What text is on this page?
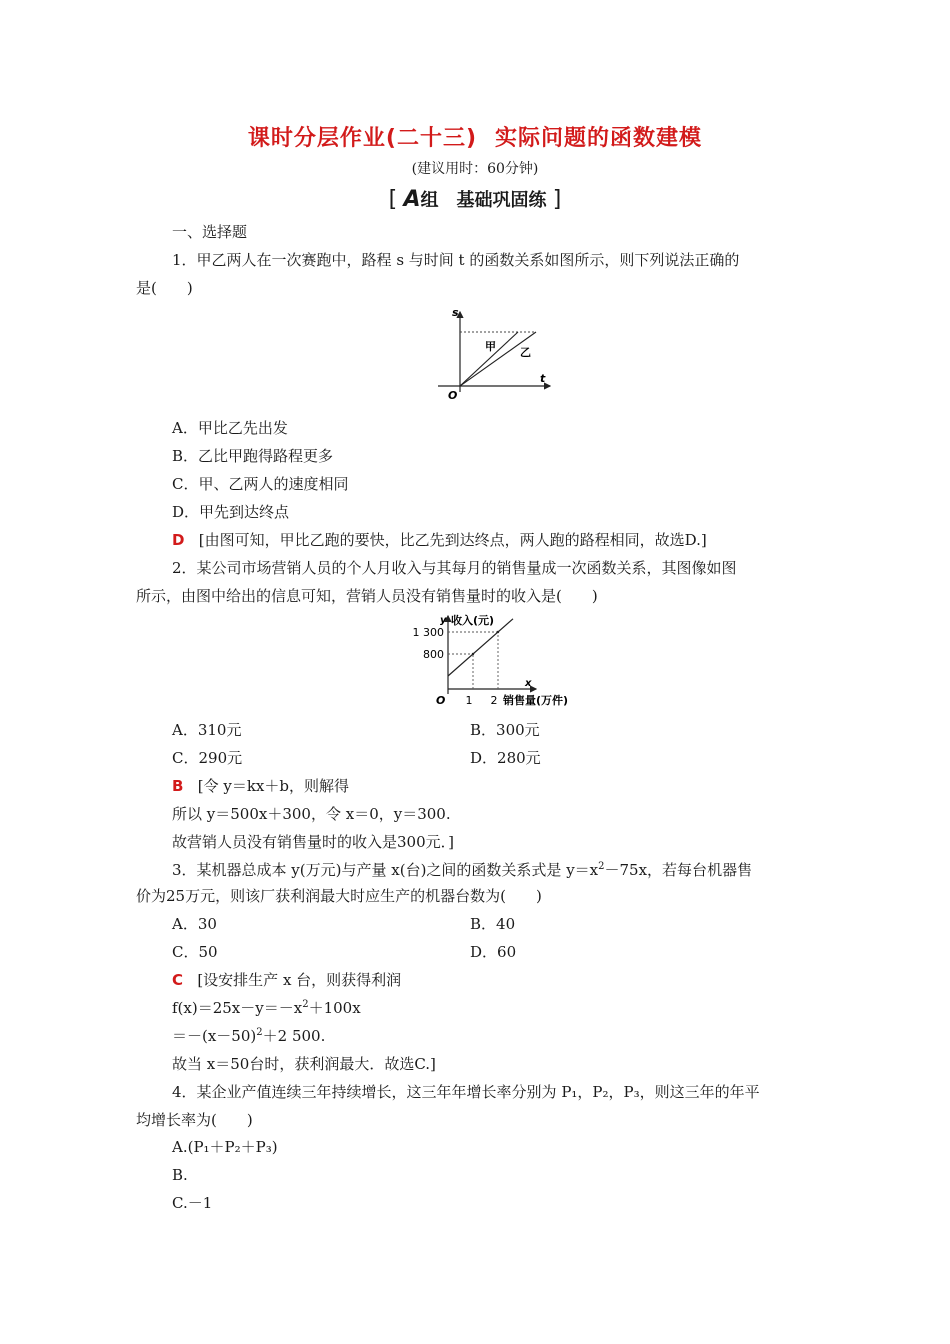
课时分层作业(二十三) 实际问题的函数建模
(建议用时：60分钟)
[ A组　基础巩固练 ]
一、选择题
1．甲乙两人在一次赛跑中，路程 s 与时间 t 的函数关系如图所示，则下列说法正确的
是(　　)
s
t
O
甲 乙
A．甲比乙先出发
B．乙比甲跑得路程更多
C．甲、乙两人的速度相同
D．甲先到达终点
D [由图可知，甲比乙跑的要快，比乙先到达终点，两人跑的路程相同，故选D.]
2．某公司市场营销人员的个人月收入与其每月的销售量成一次函数关系，其图像如图
所示，由图中给出的信息可知，营销人员没有销售量时的收入是(　　)
y 收入(元)
1 300
800
O 1 2
x
销售量(万件)
A．310元	B．300元
C．290元	D．280元
B [令 y＝kx＋b，则解得
所以 y＝500x＋300，令 x＝0，y＝300.
故营销人员没有销售量时的收入是300元．]
3．某机器总成本 y(万元)与产量 x(台)之间的函数关系式是 $y=x^2-75x$，若每台机器售
价为25万元，则该厂获利润最大时应生产的机器台数为(　　)
A．30	B．40
C．50	D．60
C [设安排生产 x 台，则获得利润
$f(x)=25x-y=-x^2+100x$
$=-(x-50)^2+2$ 500.
故当 x＝50台时，获利润最大．故选C.]
4．某企业产值连续三年持续增长，这三年年增长率分别为 P₁，P₂，P₃，则这三年的年平
均增长率为(　　)
A.(P₁＋P₂＋P₃)
B.
C.－1
